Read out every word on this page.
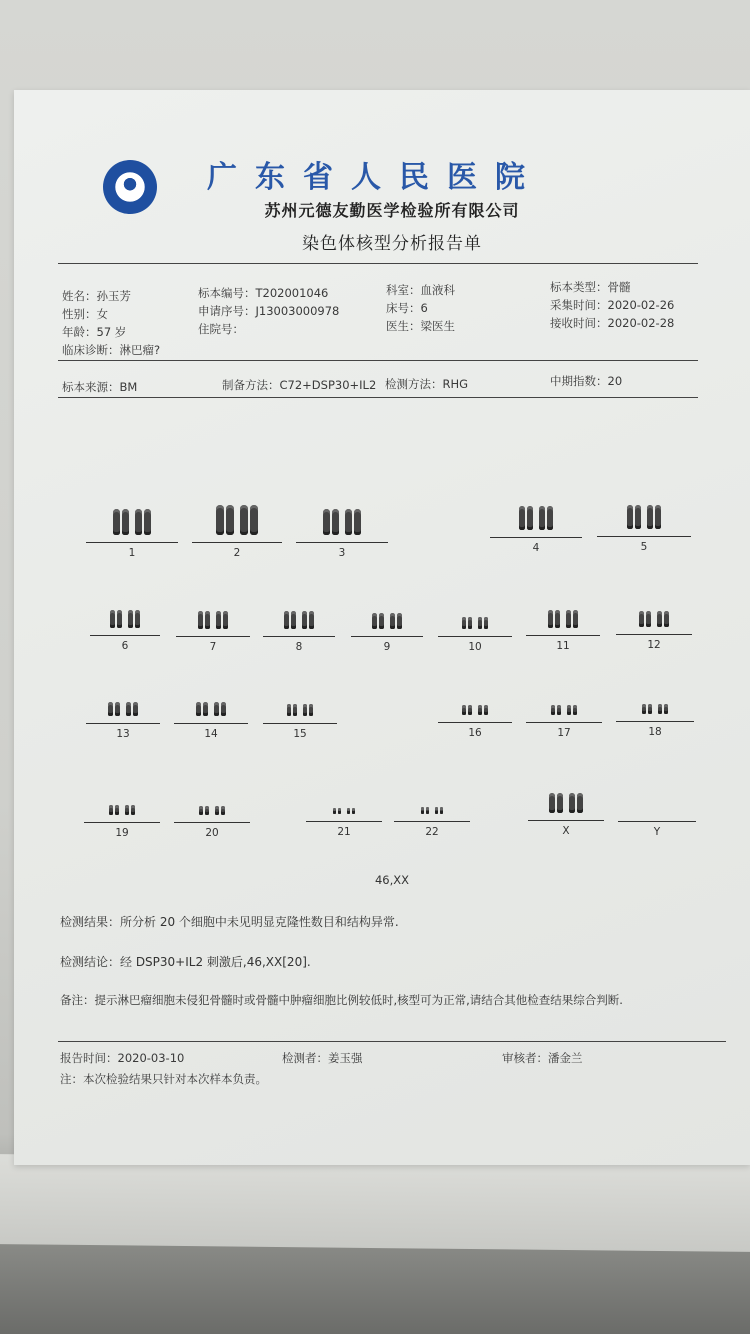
广东省人民医院
苏州元德友勤医学检验所有限公司
染色体核型分析报告单
姓名：孙玉芳
性别：女
年龄：57 岁
临床诊断：淋巴瘤?
标本编号：T202001046
申请序号：J13003000978
住院号：
科室：血液科
床号：6
医生：梁医生
标本类型：骨髓
采集时间：2020-02-26
接收时间：2020-02-28
标本来源：BM	制备方法：C72+DSP30+IL2 检测方法：RHG	中期指数：20
1	2	3	4	5
6	7	8	9	10	11	12
13	14	15	16	17	18
19	20	21	22	X	Y
46,XX
检测结果：所分析 20 个细胞中未见明显克隆性数目和结构异常.
检测结论：经 DSP30+IL2 刺激后,46,XX[20].
备注：提示淋巴瘤细胞未侵犯骨髓时或骨髓中肿瘤细胞比例较低时,核型可为正常,请结合其他检查结果综合判断.
报告时间：2020-03-10	检测者：姜玉强	审核者：潘金兰
注：本次检验结果只针对本次样本负责。
